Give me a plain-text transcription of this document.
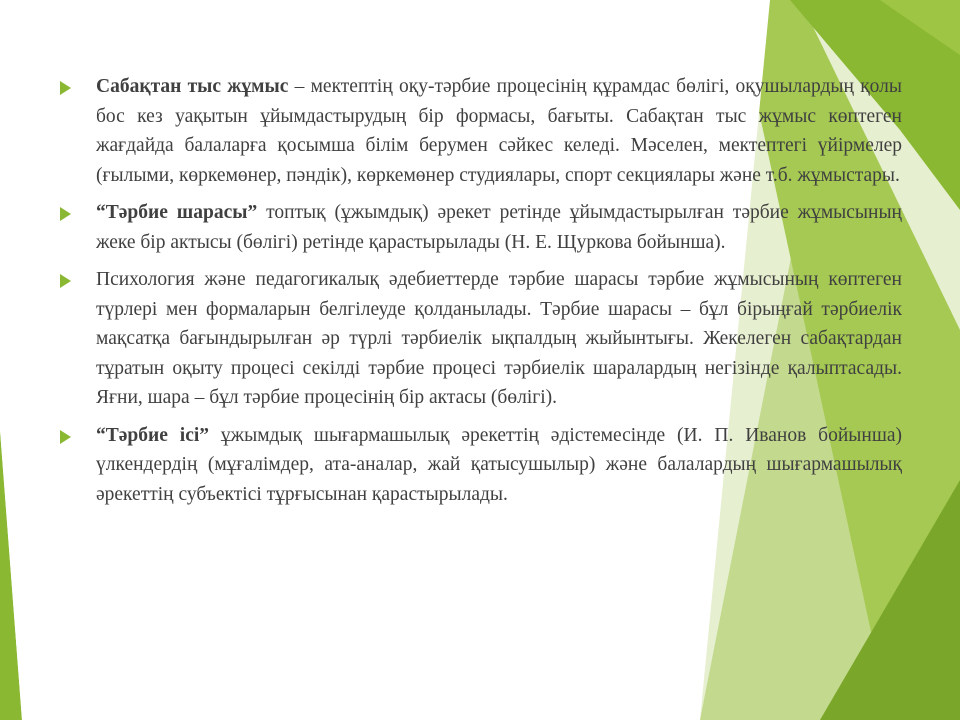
Сабақтан тыс жұмыс – мектептің оқу-тәрбие процесінің құрамдас бөлігі, оқушылардың қолы бос кез уақытын ұйымдастырудың бір формасы, бағыты. Сабақтан тыс жұмыс көптеген жағдайда балаларға қосымша білім берумен сәйкес келеді. Мәселен, мектептегі үйірмелер (ғылыми, көркемөнер, пәндік), көркемөнер студиялары, спорт секциялары және т.б. жұмыстары.

“Тәрбие шарасы” топтық (ұжымдық) әрекет ретінде ұйымдастырылған тәрбие жұмысының жеке бір актысы (бөлігі) ретінде қарастырылады (Н. Е. Щуркова бойынша).

Психология және педагогикалық әдебиеттерде тәрбие шарасы тәрбие жұмысының көптеген түрлері мен формаларын белгілеуде қолданылады. Тәрбие шарасы – бұл бірыңғай тәрбиелік мақсатқа бағындырылған әр түрлі тәрбиелік ықпалдың жыйынтығы. Жекелеген сабақтардан тұратын оқыту процесі секілді тәрбие процесі тәрбиелік шаралардың негізінде қалыптасады. Яғни, шара – бұл тәрбие процесінің бір актасы (бөлігі).

“Тәрбие ісі” ұжымдық шығармашылық әрекеттің әдістемесінде (И. П. Иванов бойынша) үлкендердің (мұғалімдер, ата-аналар, жай қатысушылыр) және балалардың шығармашылық әрекеттің субъектісі тұрғысынан қарастырылады.
